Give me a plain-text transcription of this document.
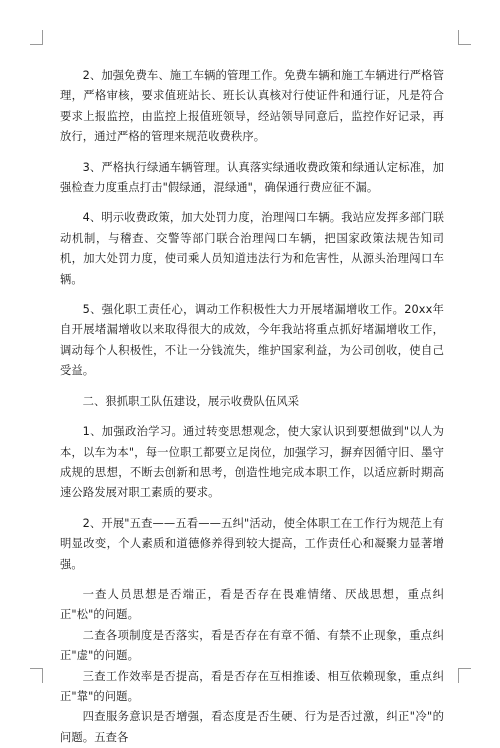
2、加强免费车、施工车辆的管理工作。免费车辆和施工车辆进行严格管理，严格审核，要求值班站长、班长认真核对行使证件和通行证，凡是符合要求上报监控，由监控上报值班领导，经站领导同意后，监控作好记录，再放行，通过严格的管理来规范收费秩序。

3、严格执行绿通车辆管理。认真落实绿通收费政策和绿通认定标准，加强检查力度重点打击"假绿通，混绿通"，确保通行费应征不漏。

4、明示收费政策，加大处罚力度，治理闯口车辆。我站应发挥多部门联动机制，与稽查、交警等部门联合治理闯口车辆，把国家政策法规告知司机，加大处罚力度，使司乘人员知道违法行为和危害性，从源头治理闯口车辆。

5、强化职工责任心，调动工作积极性大力开展堵漏增收工作。20xx年自开展堵漏增收以来取得很大的成效，今年我站将重点抓好堵漏增收工作，调动每个人积极性，不让一分钱流失，维护国家利益，为公司创收，使自己受益。

二、狠抓职工队伍建设，展示收费队伍风采

1、加强政治学习。通过转变思想观念，使大家认识到要想做到"以人为本，以车为本"，每一位职工都要立足岗位，加强学习，摒弃因循守旧、墨守成规的思想，不断去创新和思考，创造性地完成本职工作，以适应新时期高速公路发展对职工素质的要求。

2、开展"五查——五看——五纠"活动，使全体职工在工作行为规范上有明显改变，个人素质和道德修养得到较大提高，工作责任心和凝聚力显著增强。

一查人员思想是否端正，看是否存在畏难情绪、厌战思想，重点纠正"松"的问题。

二查各项制度是否落实，看是否存在有章不循、有禁不止现象，重点纠正"虚"的问题。

三查工作效率是否提高，看是否存在互相推诿、相互依赖现象，重点纠正"靠"的问题。

四查服务意识是否增强，看态度是否生硬、行为是否过激，纠正"冷"的问题。五查各
